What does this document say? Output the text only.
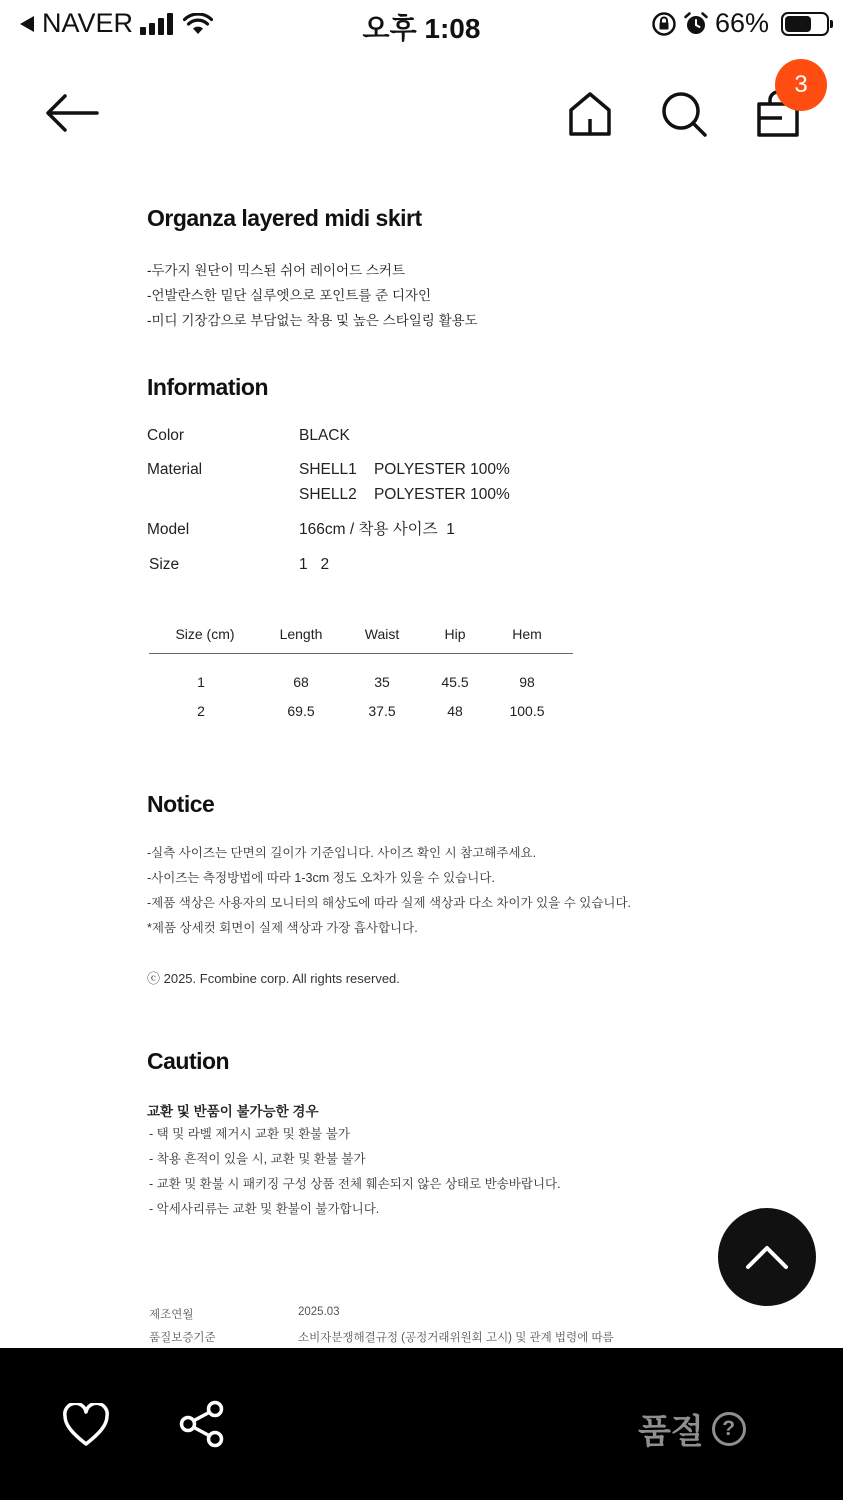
NAVER	오후 1:08	66%
3
Organza layered midi skirt
-두가지 원단이 믹스된 쉬어 레이어드 스커트
-언발란스한 밑단 실루엣으로 포인트를 준 디자인
-미디 기장감으로 부담없는 착용 및 높은 스타일링 활용도
Information
Color	BLACK
Material	SHELL1    POLYESTER 100%
SHELL2    POLYESTER 100%
Model	166cm / 착용 사이즈  1
Size	1   2
Size (cm)	Length	Waist	Hip	Hem
1	68	35	45.5	98
2	69.5	37.5	48	100.5
Notice
-실측 사이즈는 단면의 길이가 기준입니다. 사이즈 확인 시 참고해주세요.
-사이즈는 측정방법에 따라 1-3cm 정도 오차가 있을 수 있습니다.
-제품 색상은 사용자의 모니터의 해상도에 따라 실제 색상과 다소 차이가 있을 수 있습니다.
*제품 상세컷 회면이 실제 색상과 가장 흡사합니다.
ⓒ 2025. Fcombine corp. All rights reserved.
Caution
교환 및 반품이 불가능한 경우
- 택 및 라벨 제거시 교환 및 환불 불가
- 착용 흔적이 있을 시, 교환 및 환불 불가
- 교환 및 환불 시 패키징 구성 상품 전체 훼손되지 않은 상태로 반송바랍니다.
- 악세사리류는 교환 및 환불이 불가합니다.
제조연월	2025.03
품질보증기준	소비자분쟁해결규정 (공정거래위원회 고시) 및 관계 법령에 따름
품절 ?
